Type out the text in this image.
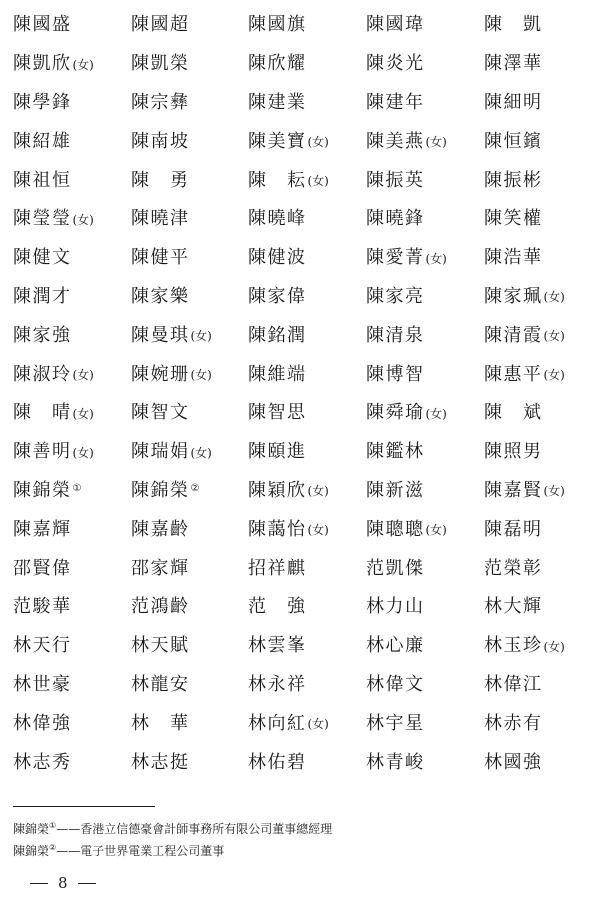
陳國盛	陳國超	陳國旗	陳國瑋	陳　凱
陳凱欣 (女) 陳凱榮	陳欣耀	陳炎光	陳澤華
陳學鋒	陳宗彝	陳建業	陳建年	陳細明
陳紹雄	陳南坡	陳美寶 (女) 陳美燕 (女) 陳恒鑌
陳祖恒	陳　勇	陳　耘 (女) 陳振英	陳振彬
陳瑩瑩 (女) 陳曉津	陳曉峰	陳曉鋒	陳笑權
陳健文	陳健平	陳健波	陳愛菁 (女) 陳浩華
陳潤才	陳家樂	陳家偉	陳家亮	陳家珮 (女)
陳家強	陳曼琪 (女) 陳銘潤	陳清泉	陳清霞 (女)
陳淑玲 (女) 陳婉珊 (女) 陳維端	陳博智	陳惠平 (女)
陳　晴 (女) 陳智文	陳智思	陳舜瑜 (女) 陳　斌
陳善明 (女) 陳瑞娟 (女) 陳頤進	陳鑑林	陳照男
陳錦榮 ①	陳錦榮 ②	陳穎欣 (女) 陳新滋	陳嘉賢 (女)
陳嘉輝	陳嘉齡	陳藹怡 (女) 陳聰聰 (女) 陳磊明
邵賢偉	邵家輝	招祥麒	范凱傑	范榮彰
范駿華	范鴻齡	范　強	林力山	林大輝
林天行	林天賦	林雲峯	林心廉	林玉珍 (女)
林世豪	林龍安	林永祥	林偉文	林偉江
林偉強	林　華	林向紅 (女) 林宇星	林赤有
林志秀	林志挺	林佑碧	林青峻	林國強
陳錦榮①——香港立信德豪會計師事務所有限公司董事總經理
陳錦榮②——電子世界電業工程公司董事
8
